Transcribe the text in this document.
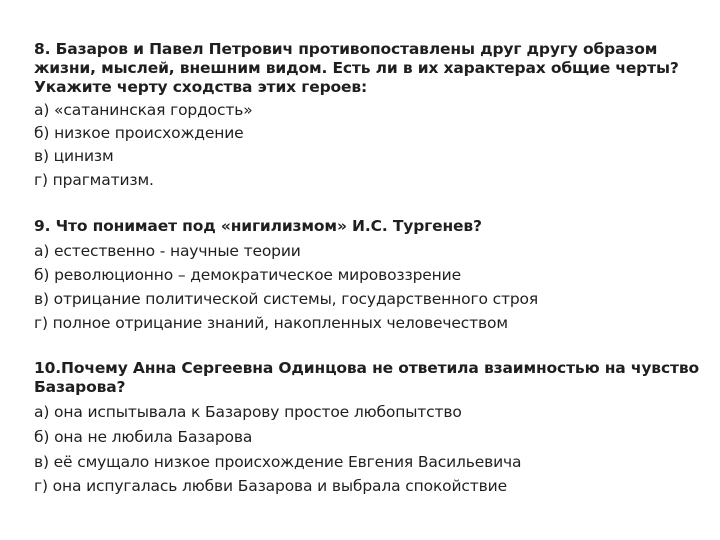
8. Базаров и Павел Петрович противопоставлены друг другу образом
жизни, мыслей, внешним видом. Есть ли в их характерах общие черты?
Укажите черту сходства этих героев:
а) «сатанинская гордость»
б) низкое происхождение
в) цинизм
г) прагматизм.
9. Что понимает под «нигилизмом» И.С. Тургенев?
а) естественно - научные теории
б) революционно – демократическое мировоззрение
в) отрицание политической системы, государственного строя
г) полное отрицание знаний, накопленных человечеством
10.Почему Анна Сергеевна Одинцова не ответила взаимностью на чувство
Базарова?
а) она испытывала к Базарову простое любопытство
б) она не любила Базарова
в) её смущало низкое происхождение Евгения Васильевича
г) она испугалась любви Базарова и выбрала спокойствие
